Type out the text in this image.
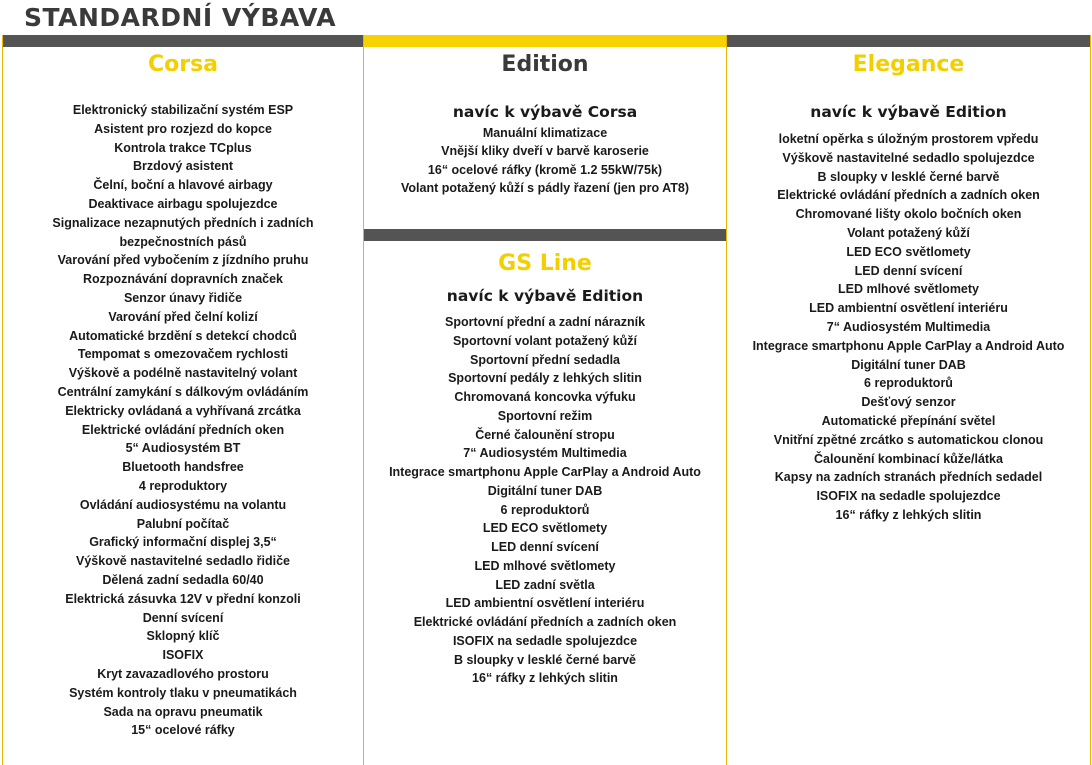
STANDARDNÍ VÝBAVA
Corsa
Elektronický stabilizační systém ESP
Asistent pro rozjezd do kopce
Kontrola trakce TCplus
Brzdový asistent
Čelní, boční a hlavové airbagy
Deaktivace airbagu spolujezdce
Signalizace nezapnutých předních i zadních
bezpečnostních pásů
Varování před vybočením z jízdního pruhu
Rozpoznávání dopravních značek
Senzor únavy řidiče
Varování před čelní kolizí
Automatické brzdění s detekcí chodců
Tempomat s omezovačem rychlosti
Výškově a podélně nastavitelný volant
Centrální zamykání s dálkovým ovládáním
Elektricky ovládaná a vyhřívaná zrcátka
Elektrické ovládání předních oken
5“ Audiosystém BT
Bluetooth handsfree
4 reproduktory
Ovládání audiosystému na volantu
Palubní počítač
Grafický informační displej 3,5“
Výškově nastavitelné sedadlo řidiče
Dělená zadní sedadla 60/40
Elektrická zásuvka 12V v přední konzoli
Denní svícení
Sklopný klíč
ISOFIX
Kryt zavazadlového prostoru
Systém kontroly tlaku v pneumatikách
Sada na opravu pneumatik
15“ ocelové ráfky
Edition
navíc k výbavě Corsa
Manuální klimatizace
Vnější kliky dveří v barvě karoserie
16“ ocelové ráfky (kromě 1.2 55kW/75k)
Volant potažený kůží s pádly řazení (jen pro AT8)
GS Line
navíc k výbavě Edition
Sportovní přední a zadní nárazník
Sportovní volant potažený kůží
Sportovní přední sedadla
Sportovní pedály z lehkých slitin
Chromovaná koncovka výfuku
Sportovní režim
Černé čalounění stropu
7“ Audiosystém Multimedia
Integrace smartphonu Apple CarPlay a Android Auto
Digitální tuner DAB
6 reproduktorů
LED ECO světlomety
LED denní svícení
LED mlhové světlomety
LED zadní světla
LED ambientní osvětlení interiéru
Elektrické ovládání předních a zadních oken
ISOFIX na sedadle spolujezdce
B sloupky v lesklé černé barvě
16“ ráfky z lehkých slitin
Elegance
navíc k výbavě Edition
loketní opěrka s úložným prostorem vpředu
Výškově nastavitelné sedadlo spolujezdce
B sloupky v lesklé černé barvě
Elektrické ovládání předních a zadních oken
Chromované lišty okolo bočních oken
Volant potažený kůží
LED ECO světlomety
LED denní svícení
LED mlhové světlomety
LED ambientní osvětlení interiéru
7“ Audiosystém Multimedia
Integrace smartphonu Apple CarPlay a Android Auto
Digitální tuner DAB
6 reproduktorů
Dešťový senzor
Automatické přepínání světel
Vnitřní zpětné zrcátko s automatickou clonou
Čalounění kombinací kůže/látka
Kapsy na zadních stranách předních sedadel
ISOFIX na sedadle spolujezdce
16“ ráfky z lehkých slitin
